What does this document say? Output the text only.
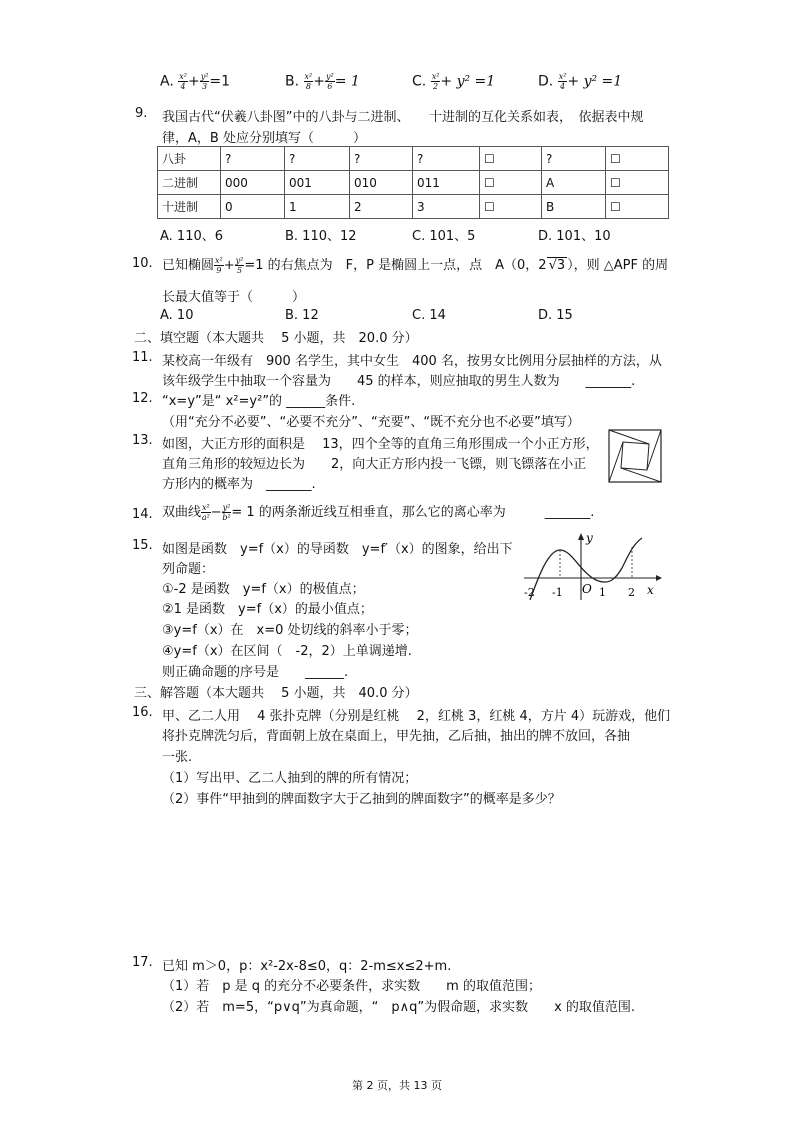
A. $\frac{\text{x²}}{4} + \frac{\text{y²}}{3} =1$	B. $\frac{\text{x²}}{8} + \frac{\text{y²}}{6} = 1$	C. $\frac{\text{x²}}{2} + y^2 =1$	D. $\frac{\text{x²}}{4} + y^2 =1$
9. 我国古代“伏羲八卦图”中的八卦与二进制、　　十进制的互化关系如表，　依据表中规
律，A，B 处应分别填写（　　　）
八卦	?	?	?	?	☐	?	☐
二进制	000	001	010	011	☐	A	☐
十进制	0	1	2	3	☐	B	☐
A. 110、6	B. 110、12	C. 101、5	D. 101、10
10. 已知椭圆 $\frac{\text{x²}}{9} + \frac{\text{y²}}{5} =1$ 的右焦点为　F，P 是椭圆上一点，点　A（0，2 √3 ），则 △APF 的周
长最大值等于（　　　）
A. 10	B. 12	C. 14	D. 15
二、填空题（本大题共　 5 小题，共　20.0 分）
11. 某校高一年级有　900 名学生，其中女生　400 名，按男女比例用分层抽样的方法，从
该年级学生中抽取一个容量为　　45 的样本，则应抽取的男生人数为　　_______.
12. “x=y”是“ x²=y²”的 ______条件.
（用“充分不必要”、“必要不充分”、“充要”、“既不充分也不必要”填写）
13. 如图，大正方形的面积是　 13，四个全等的直角三角形围成一个小正方形，
直角三角形的较短边长为　　2，向大正方形内投一飞镖，则飞镖落在小正
方形内的概率为　_______.
14. 双曲线 $\frac{\text{x²}}{\text{a²}} - \frac{\text{y²}}{\text{b²}} = 1$ 的两条渐近线互相垂直，那么它的离心率为　　　_______.
15. 如图是函数　y=f（x）的导函数　y=f′（x）的图象，给出下
列命题：
①-2 是函数　y=f（x）的极值点；
②1 是函数　y=f（x）的最小值点；
③y=f（x）在　x=0 处切线的斜率小于零；
④y=f（x）在区间（　-2，2）上单调递增.
则正确命题的序号是　　______.
y
x
O
-2 -1	1 2
三、解答题（本大题共　 5 小题，共　40.0 分）
16. 甲、乙二人用　 4 张扑克牌（分别是红桃　 2，红桃 3，红桃 4，方片 4）玩游戏，他们
将扑克牌洗匀后，背面朝上放在桌面上，甲先抽，乙后抽，抽出的牌不放回，各抽
一张.
（1）写出甲、乙二人抽到的牌的所有情况；
（2）事件“甲抽到的牌面数字大于乙抽到的牌面数字”的概率是多少？
17. 已知 m＞0，p：x²-2x-8≤0，q：2-m≤x≤2+m.
（1）若　p 是 q 的充分不必要条件，求实数　　m 的取值范围；
（2）若　m=5，“p∨q”为真命题，“　p∧q”为假命题，求实数　　x 的取值范围.
第 2 页，共 13 页
